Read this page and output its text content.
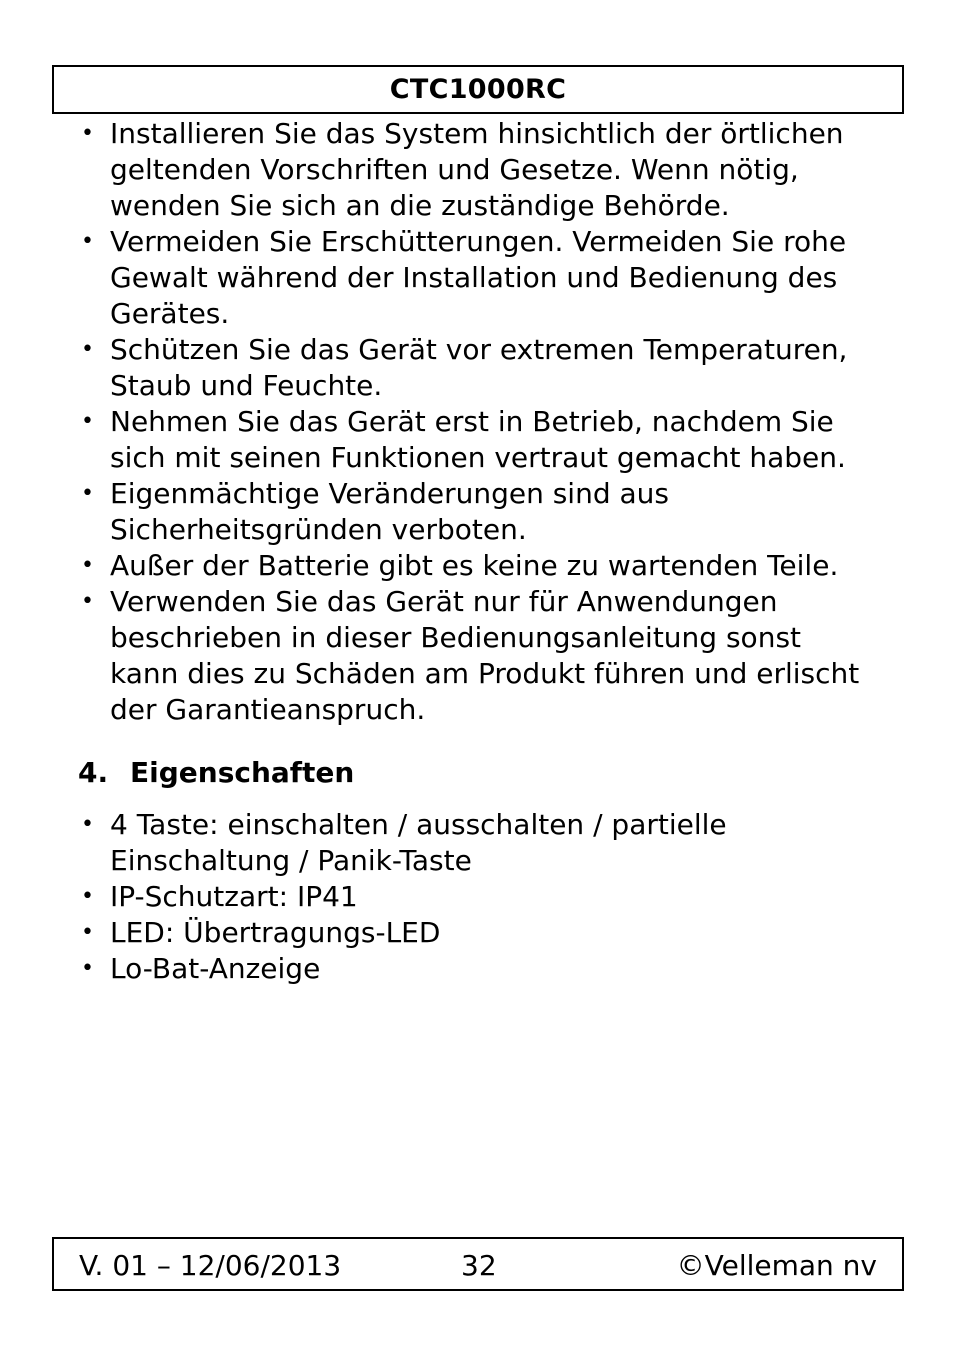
CTC1000RC
• Installieren Sie das System hinsichtlich der örtlichen geltenden Vorschriften und Gesetze. Wenn nötig, wenden Sie sich an die zuständige Behörde.
• Vermeiden Sie Erschütterungen. Vermeiden Sie rohe Gewalt während der Installation und Bedienung des Gerätes.
• Schützen Sie das Gerät vor extremen Temperaturen, Staub und Feuchte.
• Nehmen Sie das Gerät erst in Betrieb, nachdem Sie sich mit seinen Funktionen vertraut gemacht haben.
• Eigenmächtige Veränderungen sind aus Sicherheitsgründen verboten.
• Außer der Batterie gibt es keine zu wartenden Teile.
• Verwenden Sie das Gerät nur für Anwendungen beschrieben in dieser Bedienungsanleitung sonst kann dies zu Schäden am Produkt führen und erlischt der Garantieanspruch.
4. Eigenschaften
• 4 Taste: einschalten / ausschalten / partielle Einschaltung / Panik-Taste
• IP-Schutzart: IP41
• LED: Übertragungs-LED
• Lo-Bat-Anzeige
V. 01 – 12/06/2013	32	©Velleman nv
